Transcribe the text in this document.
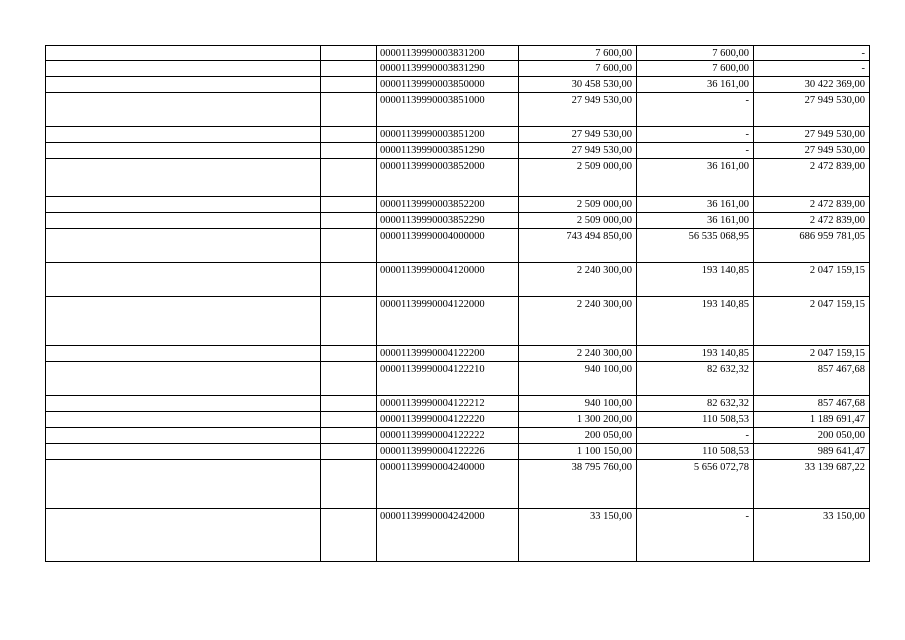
		00001139990003831200	7 600,00	7 600,00	-
		00001139990003831290	7 600,00	7 600,00	-
		00001139990003850000	30 458 530,00	36 161,00	30 422 369,00
		00001139990003851000	27 949 530,00	-	27 949 530,00
		00001139990003851200	27 949 530,00	-	27 949 530,00
		00001139990003851290	27 949 530,00	-	27 949 530,00
		00001139990003852000	2 509 000,00	36 161,00	2 472 839,00
		00001139990003852200	2 509 000,00	36 161,00	2 472 839,00
		00001139990003852290	2 509 000,00	36 161,00	2 472 839,00
		00001139990004000000	743 494 850,00	56 535 068,95	686 959 781,05
		00001139990004120000	2 240 300,00	193 140,85	2 047 159,15
		00001139990004122000	2 240 300,00	193 140,85	2 047 159,15
		00001139990004122200	2 240 300,00	193 140,85	2 047 159,15
		00001139990004122210	940 100,00	82 632,32	857 467,68
		00001139990004122212	940 100,00	82 632,32	857 467,68
		00001139990004122220	1 300 200,00	110 508,53	1 189 691,47
		00001139990004122222	200 050,00	-	200 050,00
		00001139990004122226	1 100 150,00	110 508,53	989 641,47
		00001139990004240000	38 795 760,00	5 656 072,78	33 139 687,22
		00001139990004242000	33 150,00	-	33 150,00
